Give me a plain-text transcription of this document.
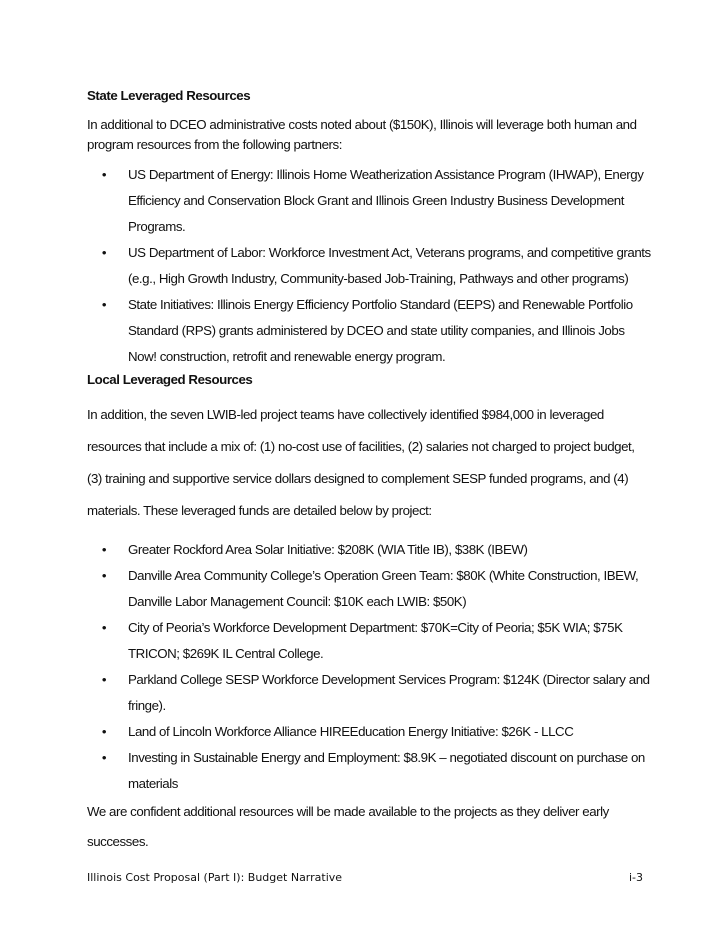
State Leveraged Resources

In additional to DCEO administrative costs noted about ($150K), Illinois will leverage both human and program resources from the following partners:

• US Department of Energy: Illinois Home Weatherization Assistance Program (IHWAP), Energy Efficiency and Conservation Block Grant and Illinois Green Industry Business Development Programs.
• US Department of Labor: Workforce Investment Act, Veterans programs, and competitive grants (e.g., High Growth Industry, Community-based Job-Training, Pathways and other programs)
• State Initiatives: Illinois Energy Efficiency Portfolio Standard (EEPS) and Renewable Portfolio Standard (RPS) grants administered by DCEO and state utility companies, and Illinois Jobs Now! construction, retrofit and renewable energy program.

Local Leveraged Resources

In addition, the seven LWIB-led project teams have collectively identified $984,000 in leveraged resources that include a mix of: (1) no-cost use of facilities, (2) salaries not charged to project budget, (3) training and supportive service dollars designed to complement SESP funded programs, and (4) materials. These leveraged funds are detailed below by project:

• Greater Rockford Area Solar Initiative: $208K (WIA Title IB), $38K (IBEW)
• Danville Area Community College’s Operation Green Team: $80K (White Construction, IBEW, Danville Labor Management Council: $10K each LWIB: $50K)
• City of Peoria’s Workforce Development Department: $70K=City of Peoria; $5K WIA; $75K TRICON; $269K IL Central College.
• Parkland College SESP Workforce Development Services Program: $124K (Director salary and fringe).
• Land of Lincoln Workforce Alliance HIREEducation Energy Initiative: $26K - LLCC
• Investing in Sustainable Energy and Employment: $8.9K – negotiated discount on purchase on materials

We are confident additional resources will be made available to the projects as they deliver early successes.

Illinois Cost Proposal (Part I): Budget Narrative	i-3
